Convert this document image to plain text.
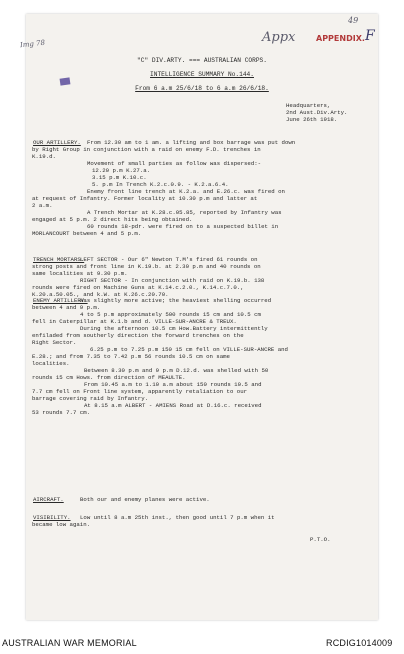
Img 78	Appx
49
APPENDIX. F
"C" DIV.ARTY. === AUSTRALIAN CORPS.
INTELLIGENCE SUMMARY No.144.
From 6 a.m 25/6/18 to 6 a.m 26/6/18.
Headquarters,
2nd Aust.Div.Arty.
June 26th 1918.
OUR ARTILLERY. From 12.30 am to 1 am. a lifting and box barrage was put down
by Right Group in conjunction with a raid on enemy F.D. trenches in
K.19.d.
Movement of small parties as follow was dispersed:-
12.20 p.m K.27.a.
3.15 p.m K.10.c.
5. p.m In Trench K.2.c.0.9. - K.2.a.6.4.
Enemy front line trench at K.2.a. and E.26.c. was fired on
at request of Infantry. Former locality at 10.30 p.m and latter at
2 a.m.
A Trench Mortar at K.28.c.05.85, reported by Infantry was
engaged at 5 p.m. 2 direct hits being obtained.
60 rounds 18-pdr. were fired on to a suspected billet in
MORLANCOURT between 4 and 5 p.m.
TRENCH MORTARS.
LEFT SECTOR - Our 6" Newton T.M's fired 61 rounds on
strong posts and front line in K.19.b. at 2.30 p.m and 40 rounds on
same localities at 9.30 p.m.
RIGHT SECTOR - In conjunction with raid on K.19.b. 138
rounds were fired on Machine Guns at K.14.c.2.0., K.14.c.7.0.,
K.20.a.50.05., and k.W. at K.26.c.20.70.
ENEMY ARTILLERY.
Was slightly more active; the heaviest shelling occurred
between 4 and 9 p.m.
4 to 5 p.m approximately 500 rounds 15 cm and 10.5 cm
fell in Caterpillar at K.1.b and d. VILLE-SUR-ANCRE & TREUX.
During the afternoon 10.5 cm How.Battery intermittently
enfiladed from southerly direction the forward trenches on the
Right Sector.
6.25 p.m to 7.25 p.m 150 15 cm fell on VILLE-SUR-ANCRE and
E.28.; and from 7.35 to 7.42 p.m 56 rounds 10.5 cm on same
localities.
Between 8.30 p.m and 9 p.m D.12.d. was shelled with 50
rounds 15 cm Hows. from direction of MEAULTE.
From 10.45 a.m to 1.10 a.m about 150 rounds 10.5 and
7.7 cm fell on Front line system, apparently retaliation to our
barrage covering raid by Infantry.
At 8.15 a.m ALBERT - AMIENS Road at D.16.c. received
53 rounds 7.7 cm.
AIRCRAFT.	Both our and enemy planes were active.
VISIBILITY. Low until 8 a.m 25th inst., then good until 7 p.m when it
became low again.
P.T.O.
AUSTRALIAN WAR MEMORIAL	RCDIG1014009
